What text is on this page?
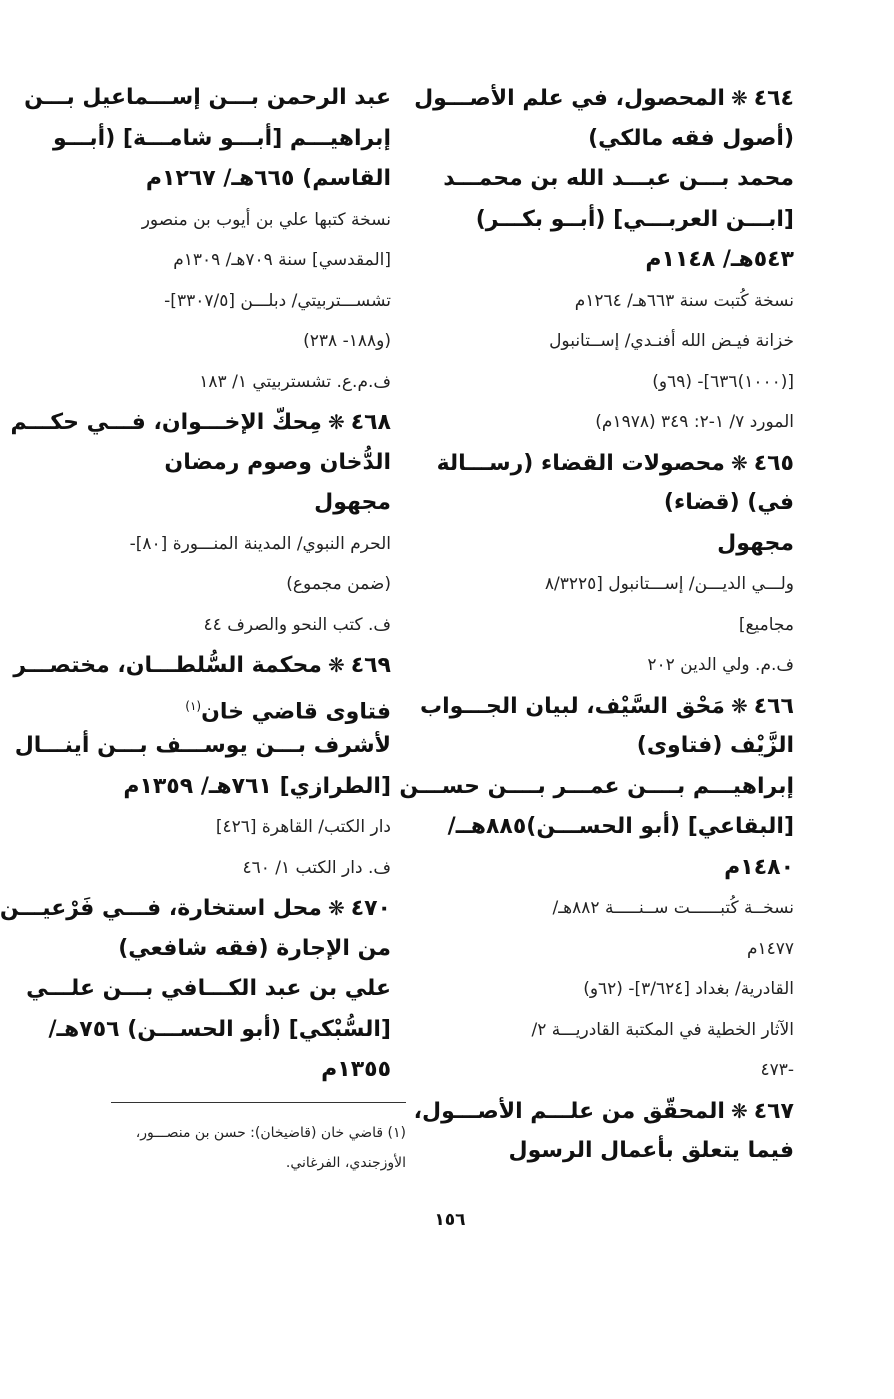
٤٦٤❋المحصول، في علم الأصـــول
(أصول فقه مالكي)
محمد بـــن عبـــد الله بن محمـــد
[ابـــن العربـــي] (أبــو بكـــر)
٥٤٣هـ/ ١١٤٨م
نسخة كُتبت سنة ٦٦٣هـ/ ١٢٦٤م
خزانة فيـض الله أفنـدي/ إســتانبول
[(١٠٠٠)٦٣٦]- (٦٩و)
المورد ٧/ ١-٢: ٣٤٩ (١٩٧٨م)
٤٦٥❋محصولات القضاء (رســـالة
في) (قضاء)
مجهول
ولـــي الديـــن/ إســـتانبول [٨/٣٢٢٥
مجاميع]
ف.م. ولي الدين ٢٠٢
٤٦٦❋مَحْق السَّيْف، لبيان الجـــواب
الزَّيْف (فتاوى)
إبراهيـــم بــــن عمـــر بــــن حســـن
[البقاعي] (أبو الحســـن)٨٨٥هــ/
١٤٨٠م
نسخــة كُتبــــــت ســنـــــة ٨٨٢هـ/
١٤٧٧م
القادرية/ بغداد [٣/٦٢٤]- (٦٢و)
الآثار الخطية في المكتبة القادريـــة ٢/
-٤٧٣
٤٦٧❋المحقّق من علـــم الأصـــول،
فيما يتعلق بأعمال الرسول
عبد الرحمن بـــن إســـماعيل بـــن
إبراهيـــم [أبـــو شامـــة] (أبـــو
القاسم) ٦٦٥هـ/ ١٢٦٧م
نسخة كتبها علي بن أيوب بن منصور
[المقدسي] سنة ٧٠٩هـ/ ١٣٠٩م
تشســـتربيتي/ دبلـــن [٣٣٠٧/٥]-
(و١٨٨- ٢٣٨)
ف.م.ع. تشستربيتي ١/ ١٨٣
٤٦٨❋مِحكّ الإخـــوان، فـــي حكـــم
الدُّخان وصوم رمضان
مجهول
الحرم النبوي/ المدينة المنـــورة [٨٠]-
(ضمن مجموع)
ف. كتب النحو والصرف ٤٤
٤٦٩❋محكمة السُّلطـــان، مختصـــر
فتاوى قاضي خان$^{(١)}$
لأشرف بـــن يوســـف بـــن أينـــال
[الطرازي] ٧٦١هـ/ ١٣٥٩م
دار الكتب/ القاهرة [٤٢٦]
ف. دار الكتب ١/ ٤٦٠
٤٧٠❋محل استخارة، فـــي فَرْعيـــن
من الإجارة (فقه شافعي)
علي بن عبد الكـــافي بـــن علـــي
[السُّبْكي] (أبو الحســـن) ٧٥٦هـ/
١٣٥٥م
(١) قاضي خان (قاضيخان): حسن بن منصـــور،
الأوزجندي، الفرغاني.
١٥٦
